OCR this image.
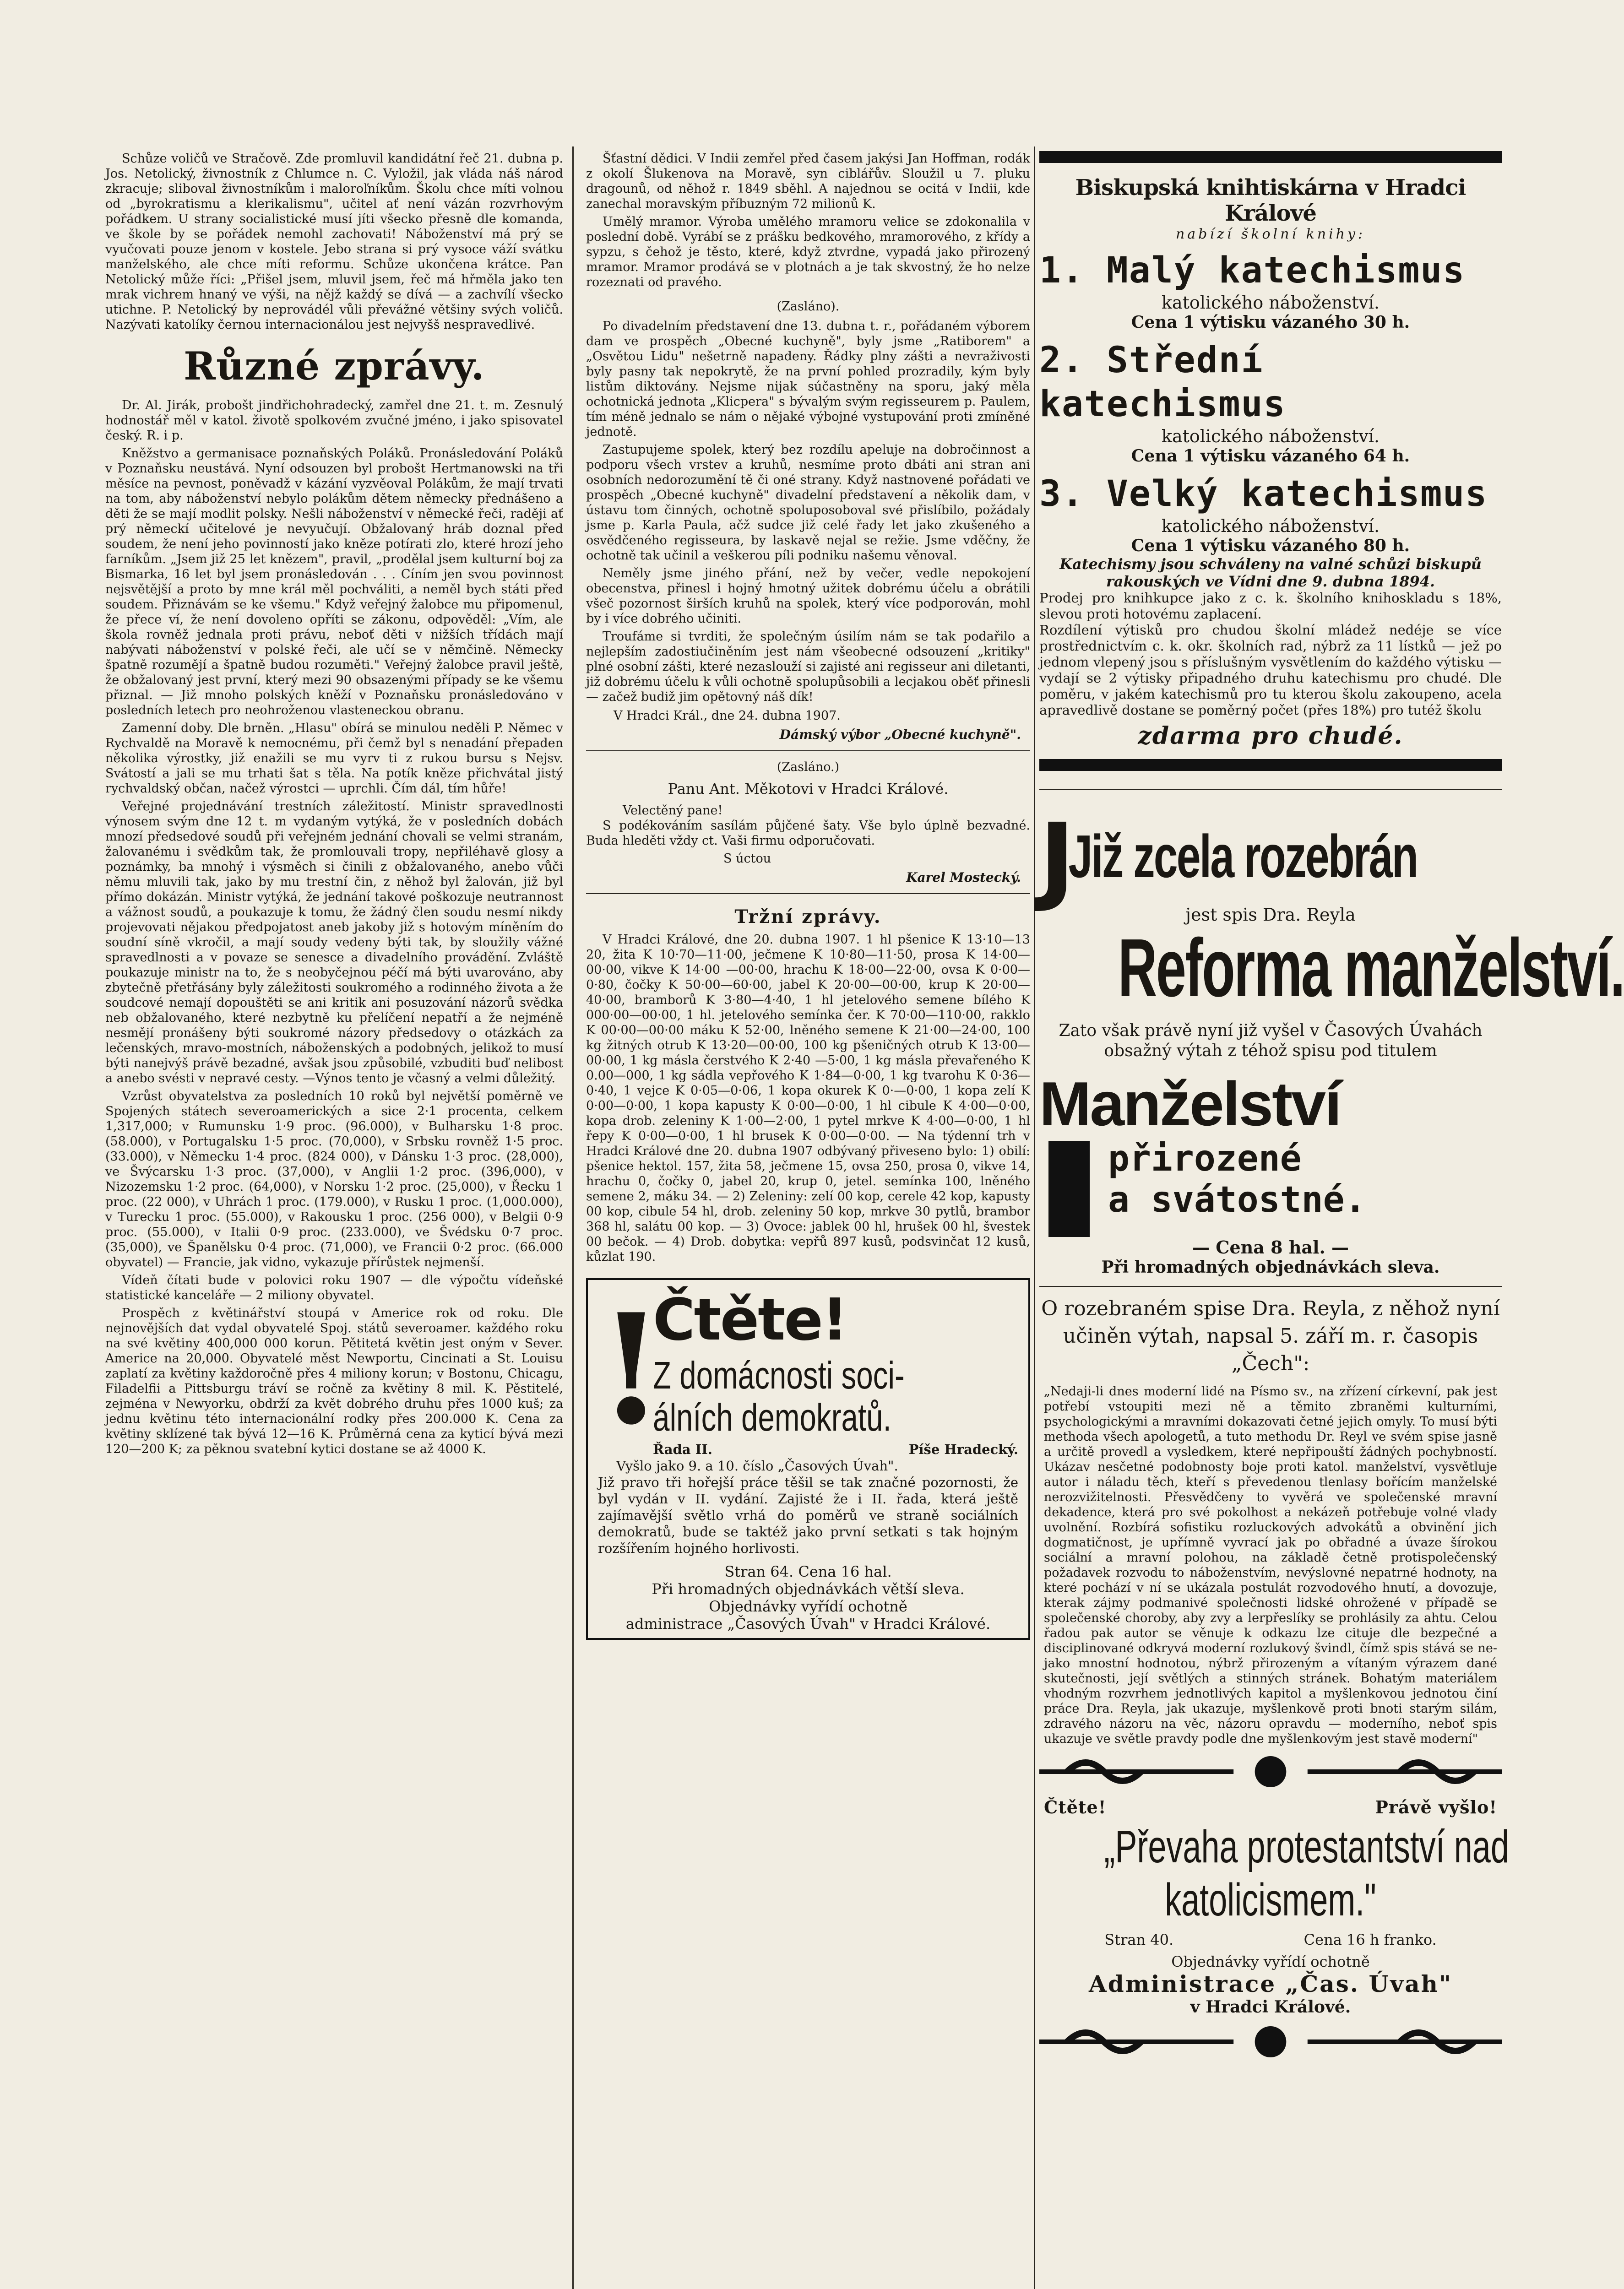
Schůze voličů ve Stračově. Zde promluvil kandidátní řeč 21. dubna p. Jos. Netolický, živnostník z Chlumce n. C. Vyložil, jak vláda náš národ zkracuje; sliboval živnostníkům i maloroľníkům. Školu chce míti volnou od „byrokratismu a klerikalismu", učitel ať není vázán rozvrhovým pořádkem. U strany socialistické musí jíti všecko přesně dle komanda, ve škole by se pořádek nemohl zachovati! Náboženství má prý se vyučovati pouze jenom v kostele. Jebo strana si prý vysoce váží svátku manželského, ale chce míti reformu. Schůze ukončena krátce. Pan Netolický může říci: „Přišel jsem, mluvil jsem, řeč má hřměla jako ten mrak vichrem hnaný ve výši, na nějž každý se dívá — a zachvílí všecko utichne. P. Netolický by neprovádél vůli převážné většiny svých voličů. Nazývati katolíky černou internacionálou jest nejvyšš nespravedlivé.

Různé zprávy.

Dr. Al. Jirák, probošt jindřichohradecký, zamřel dne 21. t. m. Zesnulý hodnostář měl v katol. životě spolkovém zvučné jméno, i jako spisovatel český. R. i p.

Kněžstvo a germanisace poznaňských Poláků. Pronásledování Poláků v Poznaňsku neustává. Nyní odsouzen byl probošt Hertmanowski na tři měsíce na pevnost, poněvadž v kázání vyzvěoval Polákům, že mají trvati na tom, aby náboženství nebylo polákům dětem německy přednášeno a děti že se mají modlit polsky. Nešli náboženství v německé řeči, raději ať prý německí učitelové je nevyučují. Obžalovaný hráb doznal před soudem, že není jeho povinností jako kněze potírati zlo, které hrozí jeho farníkům. „Jsem již 25 let knězem", pravil, „prodělal jsem kulturní boj za Bismarka, 16 let byl jsem pronásledován . . . Cíním jen svou povinnost nejsvětější a proto by mne král měl pochváliti, a neměl bych státi před soudem. Přiznávám se ke všemu." Když veřejný žalobce mu připomenul, že přece ví, že není dovoleno opříti se zákonu, odpověděl: „Vím, ale škola rovněž jednala proti právu, neboť děti v nižších třídách mají nabývati náboženství v polské řeči, ale učí se v němčině. Německy špatně rozumějí a špatně budou rozuměti." Veřejný žalobce pravil ještě, že obžalovaný jest první, který mezi 90 obsazenými případy se ke všemu přiznal. — Již mnoho polských kněží v Poznaňsku pronásledováno v posledních letech pro neohroženou vlasteneckou obranu.

Zamenní doby. Dle brněn. „Hlasu" obírá se minulou neděli P. Němec v Rychvaldě na Moravě k nemocnému, při čemž byl s nenadání přepaden několika výrostky, již enažili se mu vyrv ti z rukou bursu s Nejsv. Svátostí a jali se mu trhati šat s těla. Na potík kněze přichvátal jistý rychvaldský občan, načež výrostci — uprchli. Čím dál, tím hůře!

Veřejné projednávání trestních záležitostí. Ministr spravedlnosti výnosem svým dne 12 t. m vydaným vytýká, že v posledních dobách mnozí předsedové soudů při veřejném jednání chovali se velmi stranám, žalovanému i svědkům tak, že promlouvali tropy, nepřiléhavě glosy a poznámky, ba mnohý i výsměch si činili z obžalovaného, anebo vůči němu mluvili tak, jako by mu trestní čin, z něhož byl žalován, již byl přímo dokázán. Ministr vytýká, že jednání takové poškozuje neutrannost a vážnost soudů, a poukazuje k tomu, že žádný člen soudu nesmí nikdy projevovati nějakou předpojatost aneb jakoby již s hotovým míněním do soudní síně vkročil, a mají soudy vedeny býti tak, by sloužily vážné spravedlnosti a v povaze se senesce a divadelního provádění. Zvláště poukazuje ministr na to, že s neobyčejnou péčí má býti uvarováno, aby zbytečně přetřásány byly záležitosti soukromého a rodinného života a že soudcové nemají dopouštěti se ani kritik ani posuzování názorů svědka neb obžalovaného, které nezbytně ku přelíčení nepatří a že nejméně nesmějí pronášeny býti soukromé názory předsedovy o otázkách za lečenských, mravo-mostních, náboženských a podobných, jelikož to musí býti nanejvýš právě bezadné, avšak jsou způsobilé, vzbuditi buď nelibost a anebo svésti v nepravé cesty. —Výnos tento je včasný a velmi důležitý.

Vzrůst obyvatelstva za posledních 10 roků byl největší poměrně ve Spojených státech severoamerických a sice 2·1 procenta, celkem 1,317,000; v Rumunsku 1·9 proc. (96.000), v Bulharsku 1·8 proc. (58.000), v Portugalsku 1·5 proc. (70,000), v Srbsku rovněž 1·5 proc. (33.000), v Německu 1·4 proc. (824 000), v Dánsku 1·3 proc. (28,000), ve Švýcarsku 1·3 proc. (37,000), v Anglii 1·2 proc. (396,000), v Nizozemsku 1·2 proc. (64,000), v Norsku 1·2 proc. (25,000), v Řecku 1 proc. (22 000), v Uhrách 1 proc. (179.000), v Rusku 1 proc. (1,000.000), v Turecku 1 proc. (55.000), v Rakousku 1 proc. (256 000), v Belgii 0·9 proc. (55.000), v Italii 0·9 proc. (233.000), ve Švédsku 0·7 proc. (35,000), ve Španělsku 0·4 proc. (71,000), ve Francii 0·2 proc. (66.000 obyvatel) — Francie, jak vidno, vykazuje přírůstek nejmenší.

Vídeň čítati bude v polovici roku 1907 — dle výpočtu vídeňské statistické kanceláře — 2 miliony obyvatel.

Prospěch z květinářství stoupá v Americe rok od roku. Dle nejnovějších dat vydal obyvatelé Spoj. států severoamer. každého roku na své květiny 400,000 000 korun. Pětitetá květin jest oným v Sever. Americe na 20,000. Obyvatelé měst Newportu, Cincinati a St. Louisu zaplatí za květiny každoročně přes 4 miliony korun; v Bostonu, Chicagu, Filadelfii a Pittsburgu tráví se ročně za květiny 8 mil. K. Pěstitelé, zejména v Newyorku, obdrží za květ dobrého druhu přes 1000 kuš; za jednu květinu této internacionální rodky přes 200.000 K. Cena za květiny sklízené tak bývá 12—16 K. Průměrná cena za kyticí bývá mezi 120—200 K; za pěknou svatební kytici dostane se až 4000 K.

Šťastní dědici. V Indii zemřel před časem jakýsi Jan Hoffman, rodák z okolí Šlukenova na Moravě, syn ciblářův. Sloužil u 7. pluku dragounů, od něhož r. 1849 sběhl. A najednou se ocitá v Indii, kde zanechal moravským příbuzným 72 milionů K.

Umělý mramor. Výroba umělého mramoru velice se zdokonalila v poslední době. Vyrábí se z prášku bedkového, mramorového, z křídy a sypzu, s čehož je těsto, které, když ztvrdne, vypadá jako přirozený mramor. Mramor prodává se v plotnách a je tak skvostný, že ho nelze rozeznati od pravého.

(Zasláno).

Po divadelním představení dne 13. dubna t. r., pořádaném výborem dam ve prospěch „Obecné kuchyně", byly jsme „Ratiborem" a „Osvětou Lidu" nešetrně napadeny. Řádky plny zášti a nevraživosti byly pasny tak nepokrytě, že na první pohled prozradily, kým byly listům diktovány. Nejsme nijak súčastněny na sporu, jaký měla ochotnická jednota „Klicpera" s bývalým svým regisseurem p. Paulem, tím méně jednalo se nám o nějaké výbojné vystupování proti zmíněné jednotě.

Zastupujeme spolek, který bez rozdílu apeluje na dobročinnost a podporu všech vrstev a kruhů, nesmíme proto dbáti ani stran ani osobních nedorozumění tě či oné strany. Když nastnovené pořádati ve prospěch „Obecné kuchyně" divadelní představení a několik dam, v ústavu tom činných, ochotně spoluposoboval své přislíbilo, požádaly jsme p. Karla Paula, ačž sudce již celé řady let jako zkušeného a osvědčeného regisseura, by laskavě nejal se režie. Jsme vděčny, že ochotně tak učinil a veškerou píli podniku našemu věnoval.

Neměly jsme jiného přání, než by večer, vedle nepokojení obecenstva, přinesl i hojný hmotný užitek dobrému účelu a obrátili všeč pozornost širších kruhů na spolek, který více podporován, mohl by i více dobrého učiniti.

Troufáme si tvrditi, že společným úsilím nám se tak podařilo a nejlepším zadostiučiněním jest nám všeobecné odsouzení „kritiky" plné osobní zášti, které nezaslouží si zajisté ani regisseur ani diletanti, již dobrému účelu k vůli ochotně spolupůsobili a lecjakou oběť přinesli — začež budiž jim opětovný náš dík!

V Hradci Král., dne 24. dubna 1907.
Dámský výbor „Obecné kuchyně".
(Zasláno.)
Panu Ant. Měkotovi v Hradci Králové.
Velectěný pane!

S podékováním sasílám půjčené šaty. Vše bylo úplně bezvadné. Buda hleděti vždy ct. Vaši firmu odporučovati.

S úctou
Karel Mostecký.
Tržní zprávy.

V Hradci Králové, dne 20. dubna 1907. 1 hl pšenice K 13·10—13 20, žita K 10·70—11·00, ječmene K 10·80—11·50, prosa K 14·00—00·00, vikve K 14·00 —00·00, hrachu K 18·00—22·00, ovsa K 0·00—0·80, čočky K 50·00—60·00, jabel K 20·00—00·00, krup K 20·00—40·00, bramborů K 3·80—4·40, 1 hl jetelového semene bílého K 000·00—00·00, 1 hl. jetelového semínka čer. K 70·00—110·00, rakklo K 00·00—00·00 máku K 52·00, lněného semene K 21·00—24·00, 100 kg žitných otrub K 13·20—00·00, 100 kg pšeničných otrub K 13·00—00·00, 1 kg másla čerstvého K 2·40 —5·00, 1 kg másla převařeného K 0.00—000, 1 kg sádla vepřového K 1·84—0·00, 1 kg tvarohu K 0·36—0·40, 1 vejce K 0·05—0·06, 1 kopa okurek K 0·—0·00, 1 kopa zelí K 0·00—0·00, 1 kopa kapusty K 0·00—0·00, 1 hl cibule K 4·00—0·00, kopa drob. zeleniny K 1·00—2·00, 1 pytel mrkve K 4·00—0·00, 1 hl řepy K 0·00—0·00, 1 hl brusek K 0·00—0·00. — Na týdenní trh v Hradci Králové dne 20. dubna 1907 odbývaný přiveseno bylo: 1) obilí: pšenice hektol. 157, žita 58, ječmene 15, ovsa 250, prosa 0, vikve 14, hrachu 0, čočky 0, jabel 20, krup 0, jetel. semínka 100, lněného semene 2, máku 34. — 2) Zeleniny: zelí 00 kop, cerele 42 kop, kapusty 00 kop, cibule 54 hl, drob. zeleniny 50 kop, mrkve 30 pytlů, brambor 368 hl, salátu 00 kop. — 3) Ovoce: jablek 00 hl, hrušek 00 hl, švestek 00 bečok. — 4) Drob. dobytka: vepřů 897 kusů, podsvinčat 12 kusů, kůzlat 190.

!
Čtěte!
Z domácnosti soci-
álních demokratů.
Řada II.	Píše Hradecký.
Vyšlo jako 9. a 10. číslo „Časových Úvah".
Již pravo tři hořejší práce těšil se tak značné pozornosti, že byl vydán v II. vydání. Zajisté že i II. řada, která ještě zajímavější světlo vrhá do poměrů ve straně sociálních demokratů, bude se taktéž jako první setkati s tak hojným rozšířením hojného horlivosti.
Stran 64. Cena 16 hal.
Při hromadných objednávkách větší sleva.
Objednávky vyřídí ochotně
administrace „Časových Úvah" v Hradci Králové.
Biskupská knihtiskárna v Hradci Králové
nabízí školní knihy:
1. Malý katechismus
katolického náboženství.
Cena 1 výtisku vázaného 30 h.
2. Střední katechismus
katolického náboženství.
Cena 1 výtisku vázaného 64 h.
3. Velký katechismus
katolického náboženství.
Cena 1 výtisku vázaného 80 h.
Katechismy jsou schváleny na valné schůzi biskupů rakouských ve Vídni dne 9. dubna 1894.
Prodej pro knihkupce jako z c. k. školního knihoskladu s 18%, slevou proti hotovému zaplacení.
Rozdílení výtisků pro chudou školní mládež nedéje se více prostřednictvím c. k. okr. školních rad, nýbrž za 11 lístků — jež po jednom vlepený jsou s příslušným vysvětlením do každého výtisku — vydají se 2 výtisky připadného druhu katechismu pro chudé. Dle poměru, v jakém katechismů pro tu kterou školu zakoupeno, acela apravedlivě dostane se poměrný počet (přes 18%) pro tutéž školu
zdarma pro chudé.
J
Již zcela rozebrán
jest spis Dra. Reyla
Reforma manželství.
Zato však právě nyní již vyšel v Časových Úvahách obsažný výtah z téhož spisu pod titulem
Manželství
přirozené
a svátostné.
— Cena 8 hal. —
Při hromadných objednávkách sleva.
O rozebraném spise Dra. Reyla, z něhož nyní učiněn výtah, napsal 5. září m. r. časopis „Čech":
„Nedaji-li dnes moderní lidé na Písmo sv., na zřízení církevní, pak jest potřebí vstoupiti mezi ně a těmito zbraněmi kulturními, psychologickými a mravními dokazovati četné jejich omyly. To musí býti methoda všech apologetů, a tuto methodu Dr. Reyl ve svém spise jasně a určitě provedl a vysledkem, které nepřipouští žádných pochybností. Ukázav nesčetné podobnosty boje proti katol. manželství, vysvětluje autor i náladu těch, kteří s převedenou tlenlasy bořícím manželské nerozvižitelnosti. Přesvědčeny to vyvěrá ve společenské mravní dekadence, která pro své pokolhost a nekázeň potřebuje volné vlady uvolnění. Rozbírá sofistiku rozluckových advokátů a obvinění jich dogmatičnost, je upřímně vyvrací jak po obřadné a úvaze šírokou sociální a mravní polohou, na základě četně protispolečenský požadavek rozvodu to náboženstvím, nevýslovné nepatrné hodnoty, na které pochází v ní se ukázala postulát rozvodového hnutí, a dovozuje, kterak zájmy podmanivé společnosti lidské ohrožené v případě se společenské choroby, aby zvy a lerpřeslíky se prohlásily za ahtu. Celou řadou pak autor se věnuje k odkazu lze cituje dle bezpečné a disciplinované odkryvá moderní rozlukový švindl, čímž spis stává se ne-jako mnostní hodnotou, nýbrž přirozeným a vítaným výrazem dané skutečnosti, její světlých a stinných stránek. Bohatým materiálem vhodným rozvrhem jednotlivých kapitol a myšlenkovou jednotou činí práce Dra. Reyla, jak ukazuje, myšlenkově proti bnoti starým silám, zdravého názoru na věc, názoru opravdu — moderního, neboť spis ukazuje ve světle pravdy podle dne myšlenkovým jest stavě moderní"
Čtěte!	Právě vyšlo!
„Převaha protestantství nad
katolicismem."
Stran 40.	Cena 16 h franko.
Objednávky vyřídí ochotně
Administrace „Čas. Úvah"
v Hradci Králové.
